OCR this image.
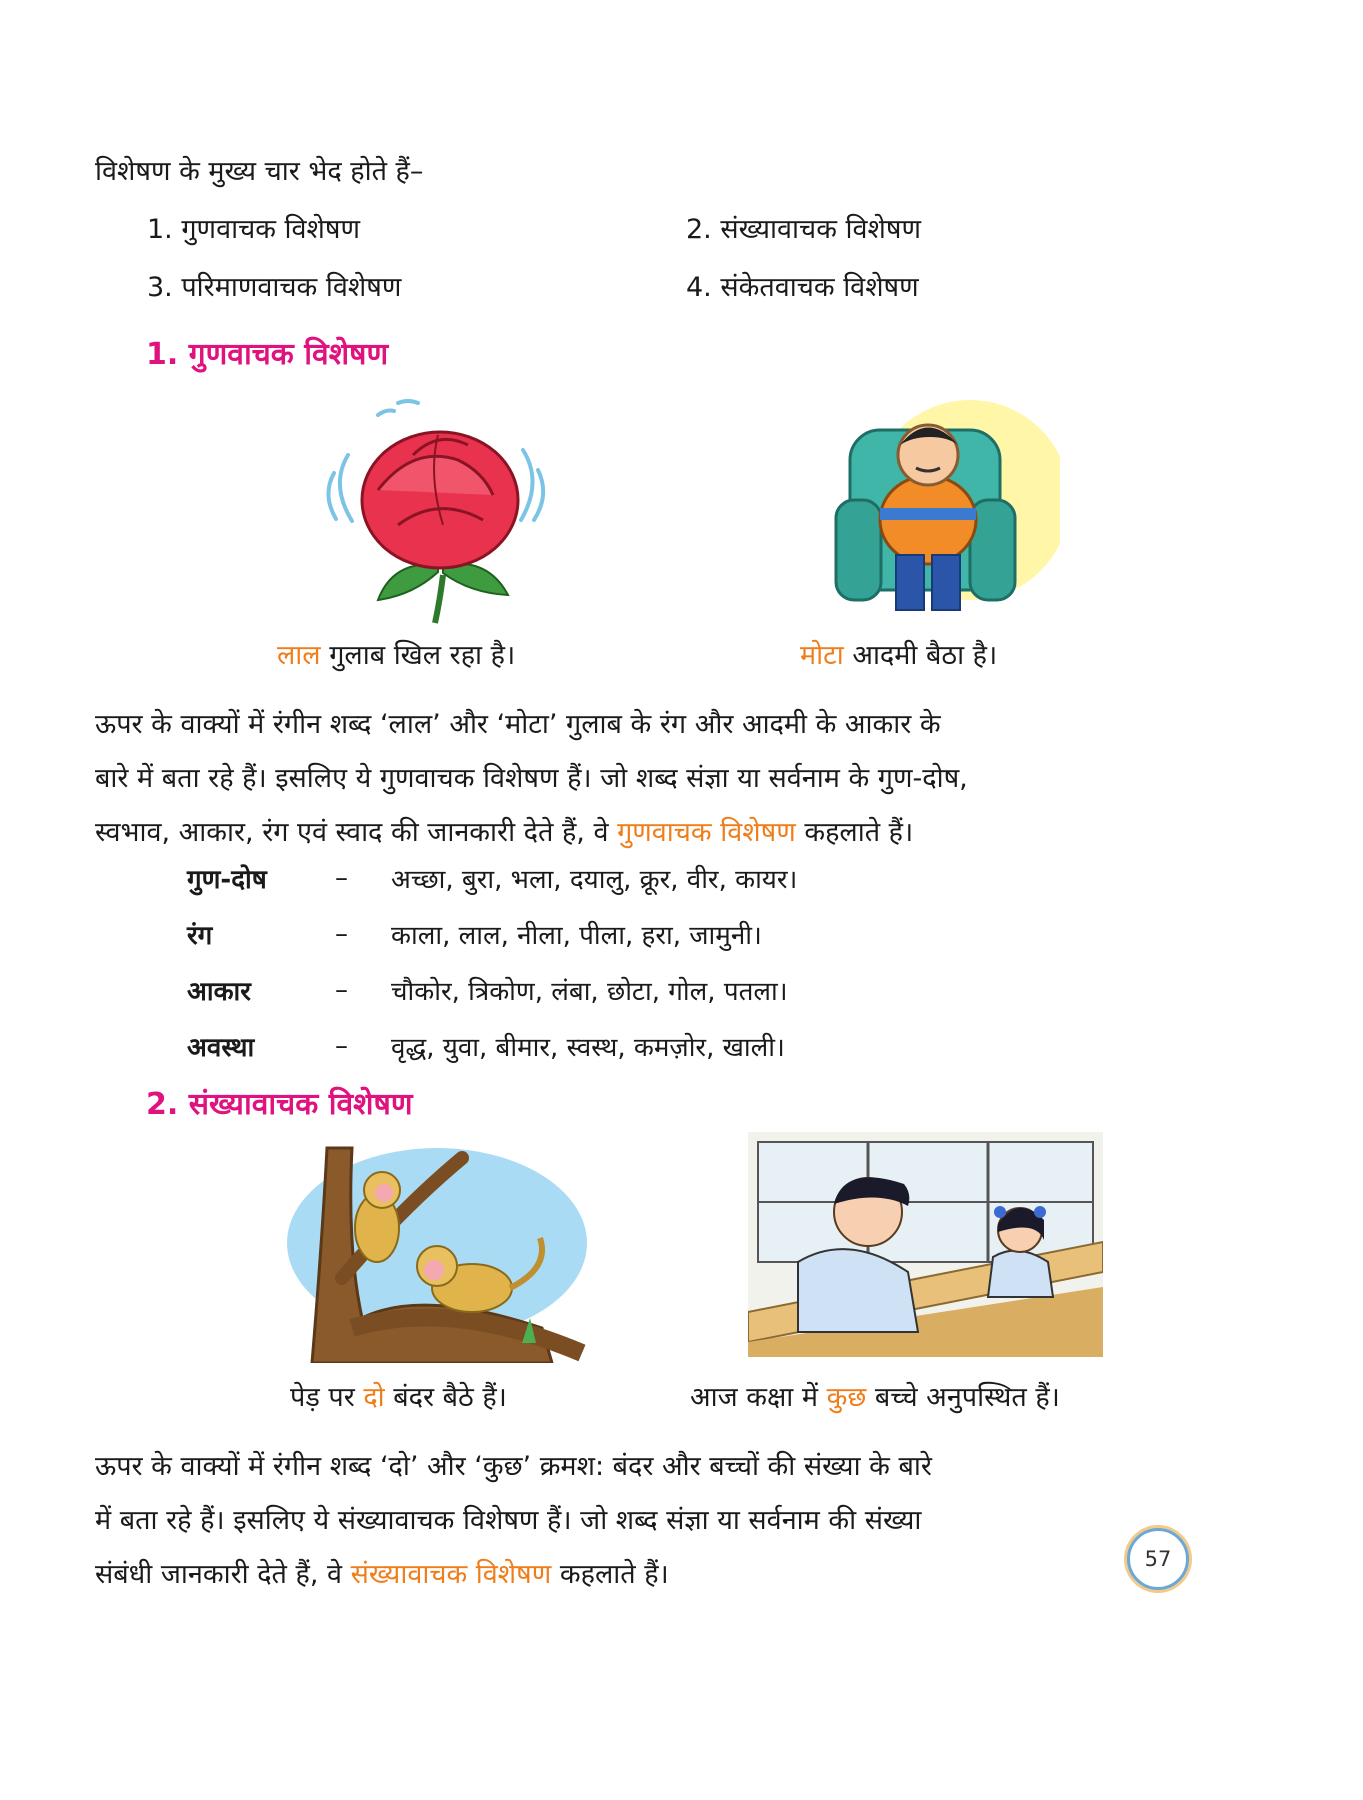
विशेषण के मुख्य चार भेद होते हैं–
1. गुणवाचक विशेषण	2. संख्यावाचक विशेषण
3. परिमाणवाचक विशेषण	4. संकेतवाचक विशेषण
1. गुणवाचक विशेषण
लाल गुलाब खिल रहा है।	मोटा आदमी बैठा है।
ऊपर के वाक्यों में रंगीन शब्द ‘लाल’ और ‘मोटा’ गुलाब के रंग और आदमी के आकार के
बारे में बता रहे हैं। इसलिए ये गुणवाचक विशेषण हैं। जो शब्द संज्ञा या सर्वनाम के गुण-दोष,
स्वभाव, आकार, रंग एवं स्वाद की जानकारी देते हैं, वे गुणवाचक विशेषण कहलाते हैं।
गुण-दोष	–	अच्छा, बुरा, भला, दयालु, क्रूर, वीर, कायर।
रंग	–	काला, लाल, नीला, पीला, हरा, जामुनी।
आकार	–	चौकोर, त्रिकोण, लंबा, छोटा, गोल, पतला।
अवस्था	–	वृद्ध, युवा, बीमार, स्वस्थ, कमज़ोर, खाली।
2. संख्यावाचक विशेषण
पेड़ पर दो बंदर बैठे हैं।	आज कक्षा में कुछ बच्चे अनुपस्थित हैं।
ऊपर के वाक्यों में रंगीन शब्द ‘दो’ और ‘कुछ’ क्रमश: बंदर और बच्चों की संख्या के बारे
में बता रहे हैं। इसलिए ये संख्यावाचक विशेषण हैं। जो शब्द संज्ञा या सर्वनाम की संख्या
संबंधी जानकारी देते हैं, वे संख्यावाचक विशेषण कहलाते हैं।	57
